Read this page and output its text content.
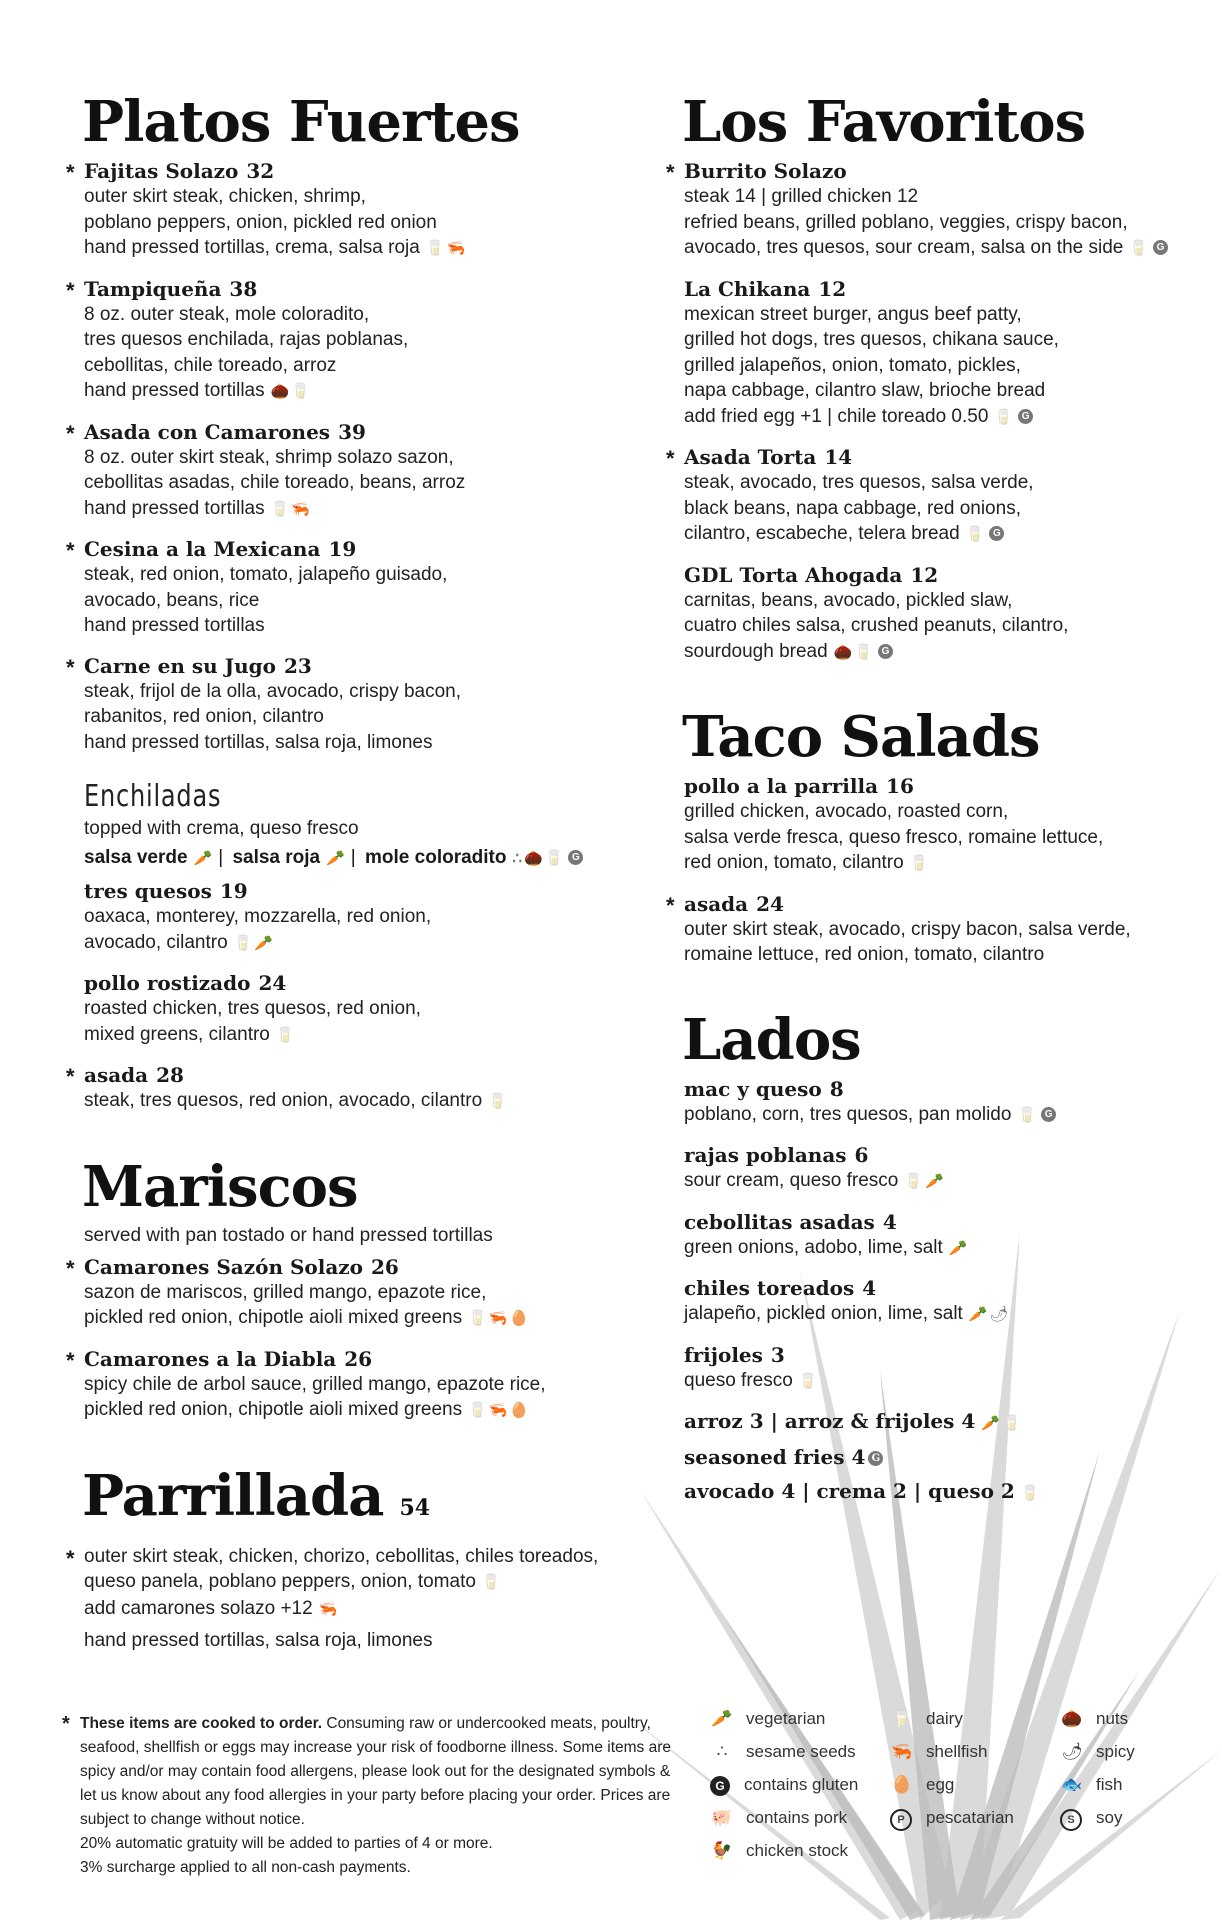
Platos Fuertes
* Fajitas Solazo 32
outer skirt steak, chicken, shrimp,
poblano peppers, onion, pickled red onion
hand pressed tortillas, crema, salsa roja 🥛🦐
* Tampiqueña 38
8 oz. outer steak, mole coloradito,
tres quesos enchilada, rajas poblanas,
cebollitas, chile toreado, arroz
hand pressed tortillas 🌰🥛
* Asada con Camarones 39
8 oz. outer skirt steak, shrimp solazo sazon,
cebollitas asadas, chile toreado, beans, arroz
hand pressed tortillas 🥛🦐
* Cesina a la Mexicana 19
steak, red onion, tomato, jalapeño guisado,
avocado, beans, rice
hand pressed tortillas
* Carne en su Jugo 23
steak, frijol de la olla, avocado, crispy bacon,
rabanitos, red onion, cilantro
hand pressed tortillas, salsa roja, limones
Enchiladas
topped with crema, queso fresco
salsa verde 🥕 | salsa roja 🥕 | mole coloradito ∴🌰🥛 G
tres quesos 19
oaxaca, monterey, mozzarella, red onion,
avocado, cilantro 🥛🥕
pollo rostizado 24
roasted chicken, tres quesos, red onion,
mixed greens, cilantro 🥛
* asada 28
steak, tres quesos, red onion, avocado, cilantro 🥛
Mariscos
served with pan tostado or hand pressed tortillas
* Camarones Sazón Solazo 26
sazon de mariscos, grilled mango, epazote rice,
pickled red onion, chipotle aioli mixed greens 🥛🦐🥚
* Camarones a la Diabla 26
spicy chile de arbol sauce, grilled mango, epazote rice,
pickled red onion, chipotle aioli mixed greens 🥛🦐🥚
Parrillada 54
* outer skirt steak, chicken, chorizo, cebollitas, chiles toreados,
queso panela, poblano peppers, onion, tomato 🥛
add camarones solazo +12 🦐
hand pressed tortillas, salsa roja, limones
Los Favoritos
* Burrito Solazo
steak 14 | grilled chicken 12
refried beans, grilled poblano, veggies, crispy bacon,
avocado, tres quesos, sour cream, salsa on the side 🥛 G
La Chikana 12
mexican street burger, angus beef patty,
grilled hot dogs, tres quesos, chikana sauce,
grilled jalapeños, onion, tomato, pickles,
napa cabbage, cilantro slaw, brioche bread
add fried egg +1 | chile toreado 0.50 🥛 G
* Asada Torta 14
steak, avocado, tres quesos, salsa verde,
black beans, napa cabbage, red onions,
cilantro, escabeche, telera bread 🥛 G
GDL Torta Ahogada 12
carnitas, beans, avocado, pickled slaw,
cuatro chiles salsa, crushed peanuts, cilantro,
sourdough bread 🌰🥛 G
Taco Salads
pollo a la parrilla 16
grilled chicken, avocado, roasted corn,
salsa verde fresca, queso fresco, romaine lettuce,
red onion, tomato, cilantro 🥛
* asada 24
outer skirt steak, avocado, crispy bacon, salsa verde,
romaine lettuce, red onion, tomato, cilantro
Lados
mac y queso 8
poblano, corn, tres quesos, pan molido 🥛 G
rajas poblanas 6
sour cream, queso fresco 🥛🥕
cebollitas asadas 4
green onions, adobo, lime, salt 🥕
chiles toreados 4
jalapeño, pickled onion, lime, salt 🥕🌶
frijoles 3
queso fresco 🥛
arroz 3 | arroz & frijoles 4 🥕🥛
seasoned fries 4 G
avocado 4 | crema 2 | queso 2 🥛
* These items are cooked to order. Consuming raw or undercooked meats, poultry, seafood, shellfish or eggs may increase your risk of foodborne illness. Some items are spicy and/or may contain food allergens, please look out for the designated symbols & let us know about any food allergies in your party before placing your order. Prices are subject to change without notice.
20% automatic gratuity will be added to parties of 4 or more.
3% surcharge applied to all non-cash payments.
🥕 vegetarian	🥛 dairy	🌰 nuts
∴ sesame seeds 🦐 shellfish	🌶 spicy
G contains gluten 🥚 egg	🐟 fish
🐖 contains pork	P pescatarian	S soy
🐓 chicken stock
